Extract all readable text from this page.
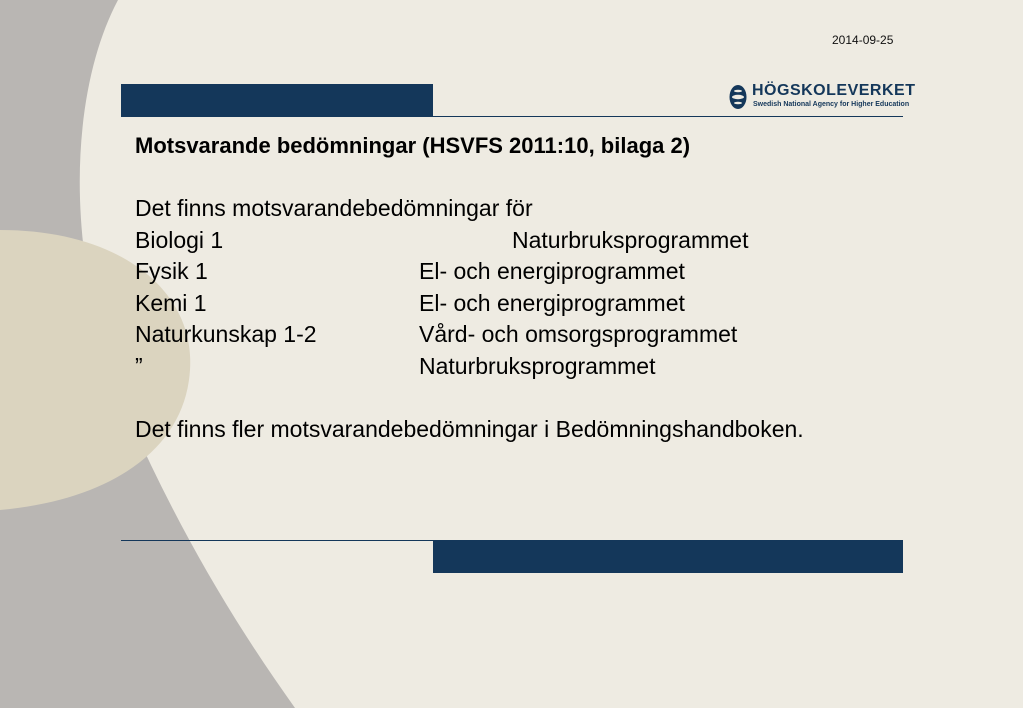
2014-09-25
HÖGSKOLEVERKET
Swedish National Agency for Higher Education

Motsvarande bedömningar (HSVFS 2011:10, bilaga 2)

Det finns motsvarandebedömningar för

Biologi 1	Naturbruksprogrammet
Fysik 1	El- och energiprogrammet
Kemi 1	El- och energiprogrammet
Naturkunskap 1-2	Vård- och omsorgsprogrammet
”	Naturbruksprogrammet

Det finns fler motsvarandebedömningar i Bedömningshandboken.
